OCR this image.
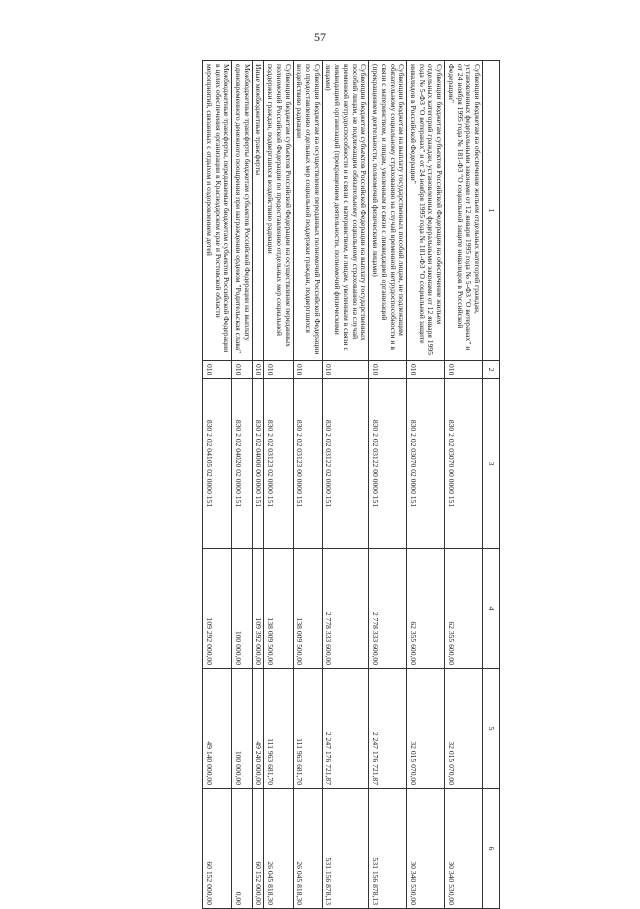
57
1	2	3	4	5	6
Субвенции бюджетам на обеспечение жильем отдельных категорий граждан, установленных федеральными законами от 12 января 1995 года № 5-ФЗ "О ветеранах" и от 24 ноября 1995 года № 181-ФЗ "О социальной защите инвалидов в Российской Федерации"	010	830 2 02 03070 00 0000 151	62 355 600,00	32 015 070,00	30 340 530,00
Субвенции бюджетам субъектов Российской Федерации на обеспечение жильем отдельных категорий граждан, установленных федеральными законами от 12 января 1995 года № 5-ФЗ "О ветеранах" и от 24 ноября 1995 года № 181-ФЗ "О социальной защите инвалидов в Российской Федерации"	010	830 2 02 03070 02 0000 151	62 355 600,00	32 015 070,00	30 340 530,00
Субвенции бюджетам на выплату государственных пособий лицам, не подлежащим обязательному социальному страхованию на случай временной нетрудоспособности и в связи с материнством, и лицам, уволенным в связи с ликвидацией организаций (прекращением деятельности, полномочий физическими лицами)	010	830 2 02 03122 00 0000 151	2 778 333 600,00	2 247 176 721,87	531 156 878,13
Субвенции бюджетам субъектов Российской Федерации на выплату государственных пособий лицам, не подлежащим обязательному социальному страхованию на случай временной нетрудоспособности и в связи с материнством, и лицам, уволенным в связи с ликвидацией организаций (прекращением деятельности, полномочий физическими лицами)	010	830 2 02 03122 02 0000 151	2 778 333 600,00	2 247 176 721,87	531 156 878,13
Субвенции бюджетам на осуществление переданных полномочий Российской Федерации по предоставлению отдельных мер социальной поддержки граждан, подвергшихся воздействию радиации	010	830 2 02 03123 00 0000 151	138 009 500,00	111 963 681,70	26 045 818,30
Субвенции бюджетам субъектов Российской Федерации на осуществление переданных полномочий Российской Федерации по предоставлению отдельных мер социальной поддержки граждан, подвергшихся воздействию радиации	010	830 2 02 03123 02 0000 151	138 009 500,00	111 963 681,70	26 045 818,30
Иные межбюджетные трансферты	010	830 2 02 04000 00 0000 151	109 392 000,00	49 240 000,00	60 152 000,00
Межбюджетные трансферты бюджетам субъектов Российской Федерации на выплату единовременного денежного поощрения при награждении орденом "Родительская слава"	010	830 2 02 04020 02 0000 151	100 000,00	100 000,00	0,00
Межбюджетные трансферты, передаваемые бюджетам субъектов Российской Федерации в целях обеспечения организации в Краснодарском крае и Ростовской области мероприятий, связанных с отдыхом и оздоровлением детей	010	830 2 02 04105 02 0000 151	109 292 000,00	49 140 000,00	60 152 000,00
